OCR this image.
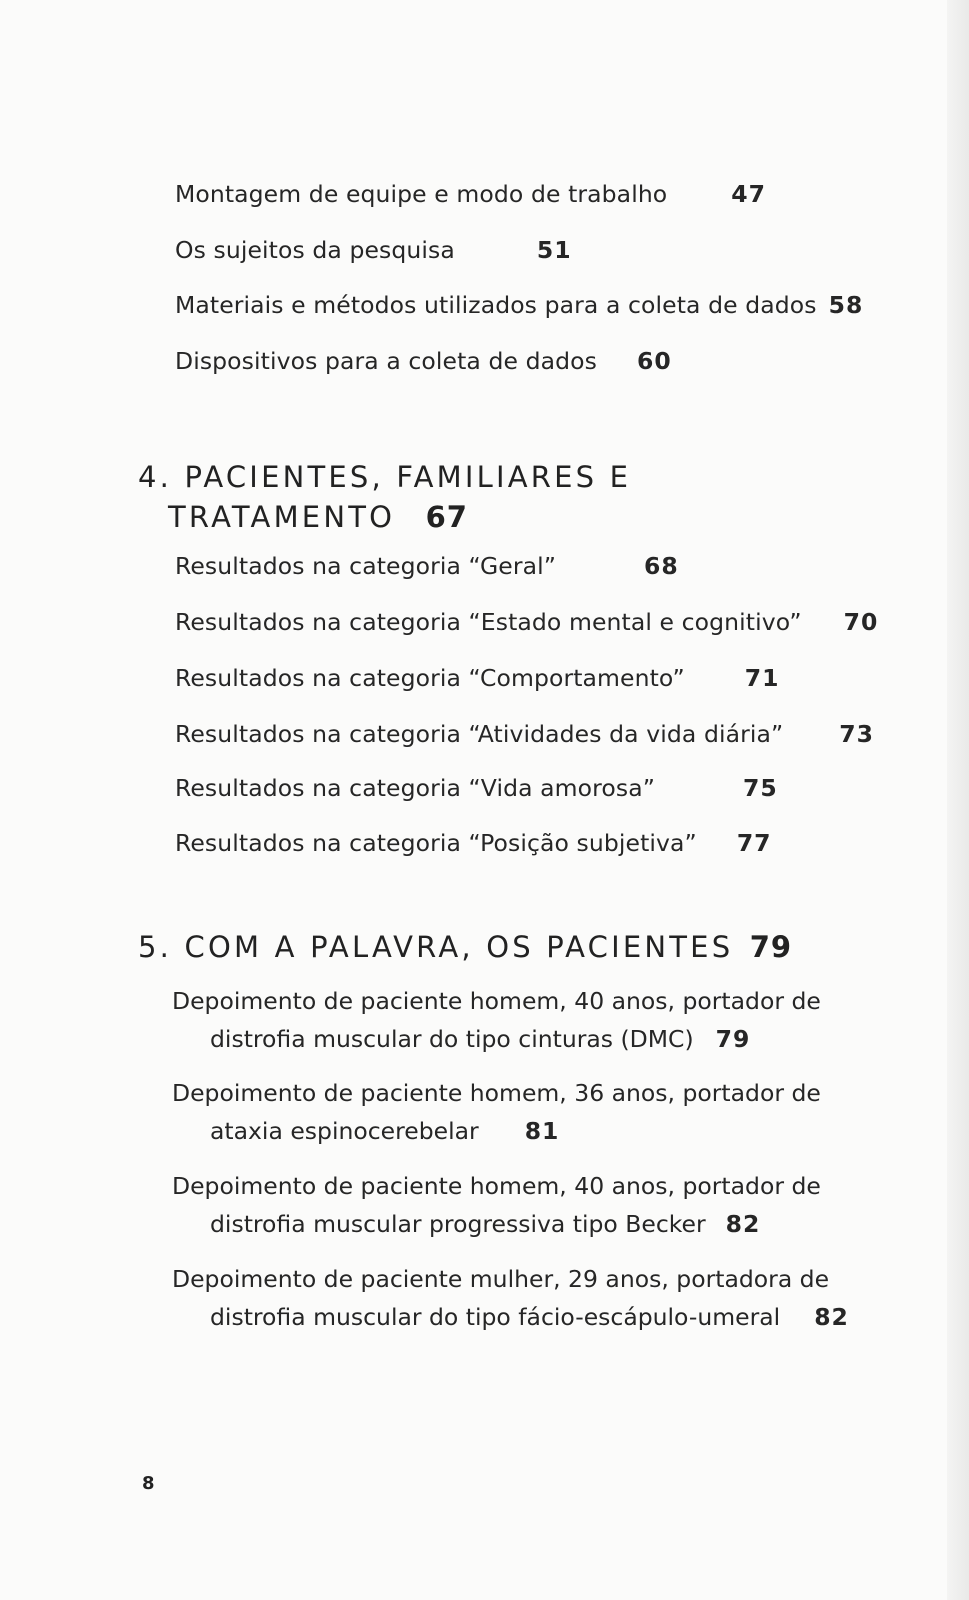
Montagem de equipe e modo de trabalho	47
Os sujeitos da pesquisa	51
Materiais e métodos utilizados para a coleta de dados 58
Dispositivos para a coleta de dados 60
4. PACIENTES, FAMILIARES E
TRATAMENTO 67
Resultados na categoria “Geral”	68
Resultados na categoria “Estado mental e cognitivo” 70
Resultados na categoria “Comportamento”	71
Resultados na categoria “Atividades da vida diária” 73
Resultados na categoria “Vida amorosa”	75
Resultados na categoria “Posição subjetiva” 77
5. COM A PALAVRA, OS PACIENTES 79
Depoimento de paciente homem, 40 anos, portador de
distrofia muscular do tipo cinturas (DMC) 79
Depoimento de paciente homem, 36 anos, portador de
ataxia espinocerebelar 81
Depoimento de paciente homem, 40 anos, portador de
distrofia muscular progressiva tipo Becker 82
Depoimento de paciente mulher, 29 anos, portadora de
distrofia muscular do tipo fácio-escápulo-umeral 82
8
